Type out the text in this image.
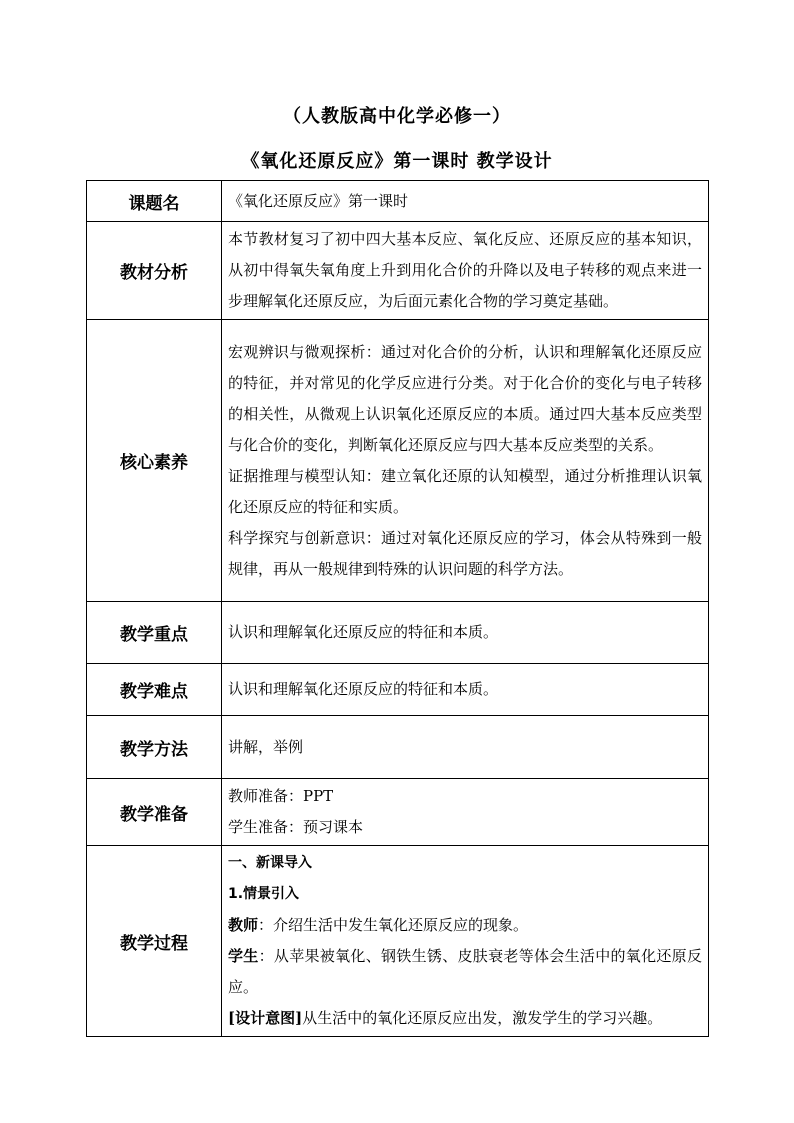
（人教版高中化学必修一）
《氧化还原反应》第一课时 教学设计
课题名	《氧化还原反应》第一课时
教材分析	本节教材复习了初中四大基本反应、氧化反应、还原反应的基本知识，从初中得氧失氧角度上升到用化合价的升降以及电子转移的观点来进一步理解氧化还原反应，为后面元素化合物的学习奠定基础。
核心素养	宏观辨识与微观探析：通过对化合价的分析，认识和理解氧化还原反应的特征，并对常见的化学反应进行分类。对于化合价的变化与电子转移的相关性，从微观上认识氧化还原反应的本质。通过四大基本反应类型与化合价的变化，判断氧化还原反应与四大基本反应类型的关系。

证据推理与模型认知：建立氧化还原的认知模型，通过分析推理认识氧化还原反应的特征和实质。

科学探究与创新意识：通过对氧化还原反应的学习，体会从特殊到一般规律，再从一般规律到特殊的认识问题的科学方法。

教学重点	认识和理解氧化还原反应的特征和本质。
教学难点	认识和理解氧化还原反应的特征和本质。
教学方法	讲解，举例
教学准备	教师准备：PPT

学生准备：预习课本

教学过程	一、新课导入

1.情景引入

教师：介绍生活中发生氧化还原反应的现象。

学生：从苹果被氧化、钢铁生锈、皮肤衰老等体会生活中的氧化还原反应。

[设计意图]从生活中的氧化还原反应出发，激发学生的学习兴趣。
